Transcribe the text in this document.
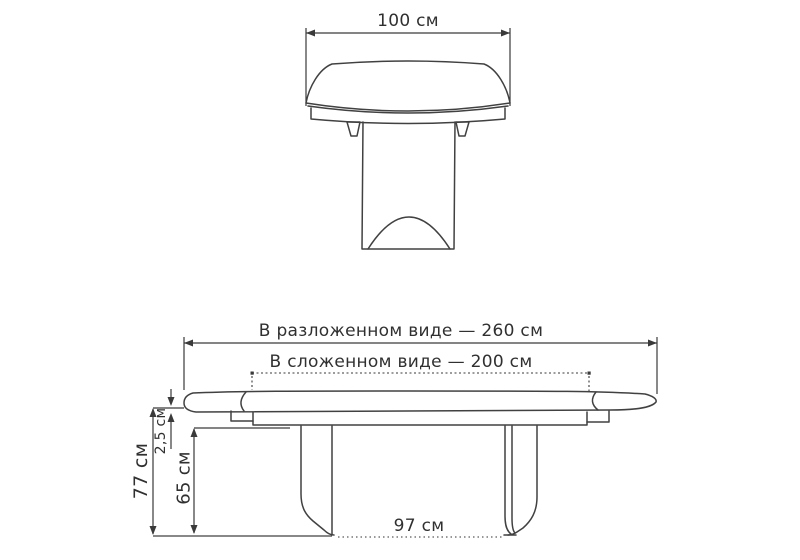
100 см
В разложенном виде — 260 см
В сложенном виде — 200 см
77 см
2,5 см
65 см
97 см
